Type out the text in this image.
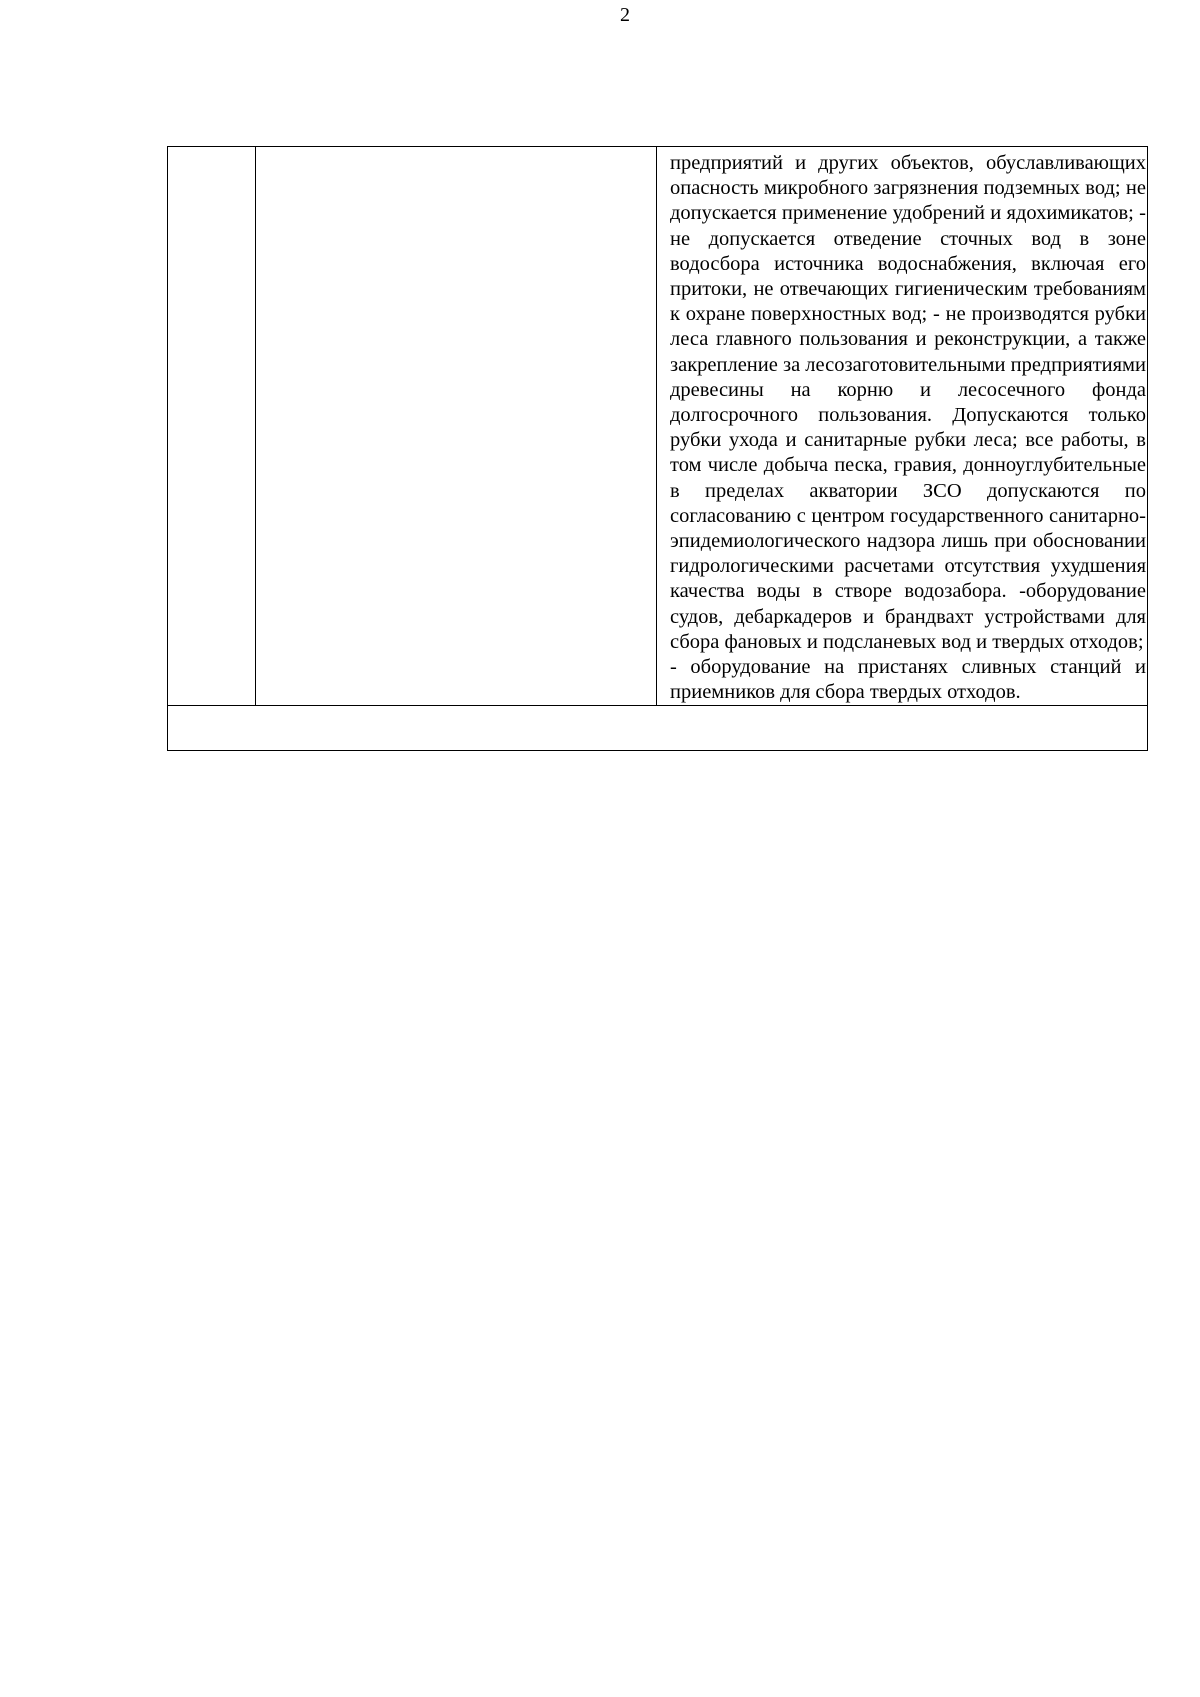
2

предприятий и других объектов, обуславливающих опасность микробного загрязнения подземных вод; не допускается применение удобрений и ядохимикатов; - не допускается отведение сточных вод в зоне водосбора источника водоснабжения, включая его притоки, не отвечающих гигиеническим требованиям к охране поверхностных вод; - не производятся рубки леса главного пользования и реконструкции, а также закрепление за лесозаготовительными предприятиями древесины на корню и лесосечного фонда долгосрочного пользования. Допускаются только рубки ухода и санитарные рубки леса; все работы, в том числе добыча песка, гравия, донноуглубительные в пределах акватории ЗСО допускаются по согласованию с центром государственного санитарно-эпидемиологического надзора лишь при обосновании гидрологическими расчетами отсутствия ухудшения качества воды в створе водозабора. -оборудование судов, дебаркадеров и брандвахт устройствами для сбора фановых и подсланевых вод и твердых отходов;

- оборудование на пристанях сливных станций и приемников для сбора твердых отходов.
